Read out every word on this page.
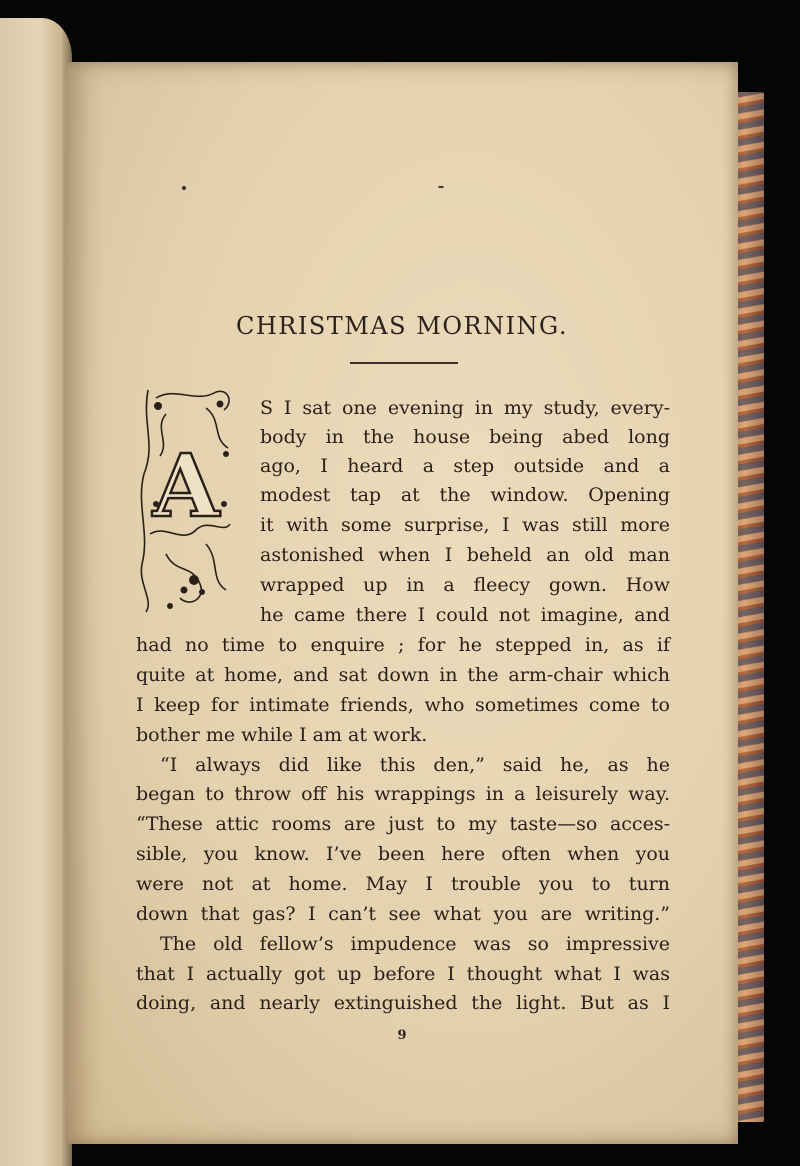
CHRISTMAS MORNING.
A
S I sat one evening in my study, every-
body in the house being abed long
ago, I heard a step outside and a
modest tap at the window. Opening
it with some surprise, I was still more
astonished when I beheld an old man
wrapped up in a fleecy gown. How
he came there I could not imagine, and
had no time to enquire ; for he stepped in, as if
quite at home, and sat down in the arm-chair which
I keep for intimate friends, who sometimes come to
bother me while I am at work.
“I always did like this den,” said he, as he
began to throw off his wrappings in a leisurely way.
“These attic rooms are just to my taste—so acces-
sible, you know. I’ve been here often when you
were not at home. May I trouble you to turn
down that gas? I can’t see what you are writing.”
The old fellow’s impudence was so impressive
that I actually got up before I thought what I was
doing, and nearly extinguished the light. But as I
9
